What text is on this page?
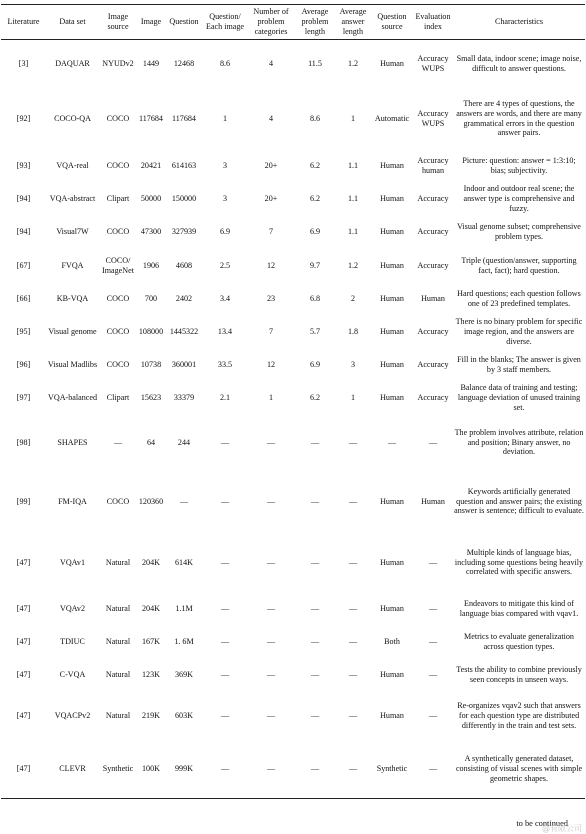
Literature	Data set	Image source	Image	Question	Question/ Each image	Number of problem categories	Average problem length	Average answer length	Question source	Evaluation index	Characteristics
[3]	DAQUAR	NYUDv2	1449	12468	8.6	4	11.5	1.2	Human	Accuracy WUPS	Small data, indoor scene; image noise, difficult to answer questions.
[92]	COCO-QA	COCO	117684	117684	1	4	8.6	1	Automatic	Accuracy WUPS	There are 4 types of questions, the answers are words, and there are many grammatical errors in the question answer pairs.
[93]	VQA-real	COCO	20421	614163	3	20+	6.2	1.1	Human	Accuracy human	Picture: question: answer = 1:3:10; bias; subjectivity.
[94]	VQA-abstract	Clipart	50000	150000	3	20+	6.2	1.1	Human	Accuracy	Indoor and outdoor real scene; the answer type is comprehensive and fuzzy.
[94]	Visual7W	COCO	47300	327939	6.9	7	6.9	1.1	Human	Accuracy	Visual genome subset; comprehensive problem types.
[67]	FVQA	COCO/ ImageNet	1906	4608	2.5	12	9.7	1.2	Human	Accuracy	Triple (question/answer, supporting fact, fact); hard question.
[66]	KB-VQA	COCO	700	2402	3.4	23	6.8	2	Human	Human	Hard questions; each question follows one of 23 predefined templates.
[95]	Visual genome	COCO	108000	1445322	13.4	7	5.7	1.8	Human	Accuracy	There is no binary problem for specific image region, and the answers are diverse.
[96]	Visual Madlibs	COCO	10738	360001	33.5	12	6.9	3	Human	Accuracy	Fill in the blanks; The answer is given by 3 staff members.
[97]	VQA-balanced	Clipart	15623	33379	2.1	1	6.2	1	Human	Accuracy	Balance data of training and testing; language deviation of unused training set.
[98]	SHAPES	—	64	244	—	—	—	—	—	—	The problem involves attribute, relation and position; Binary answer, no deviation.
[99]	FM-IQA	COCO	120360	—	—	—	—	—	Human	Human	Keywords artificially generated question and answer pairs; the existing answer is sentence; difficult to evaluate.
[47]	VQAv1	Natural	204K	614K	—	—	—	—	Human	—	Multiple kinds of language bias, including some questions being heavily correlated with specific answers.
[47]	VQAv2	Natural	204K	1.1M	—	—	—	—	Human	—	Endeavors to mitigate this kind of language bias compared with vqav1.
[47]	TDIUC	Natural	167K	1. 6M	—	—	—	—	Both	—	Metrics to evaluate generalization across question types.
[47]	C-VQA	Natural	123K	369K	—	—	—	—	Human	—	Tests the ability to combine previously seen concepts in unseen ways.
[47]	VQACPv2	Natural	219K	603K	—	—	—	—	Human	—	Re-organizes vqav2 such that answers for each question type are distributed differently in the train and test sets.
[47]	CLEVR	Synthetic	100K	999K	—	—	—	—	Synthetic	—	A synthetically generated dataset, consisting of visual scenes with simple geometric shapes.
to be continued
@有限公司
